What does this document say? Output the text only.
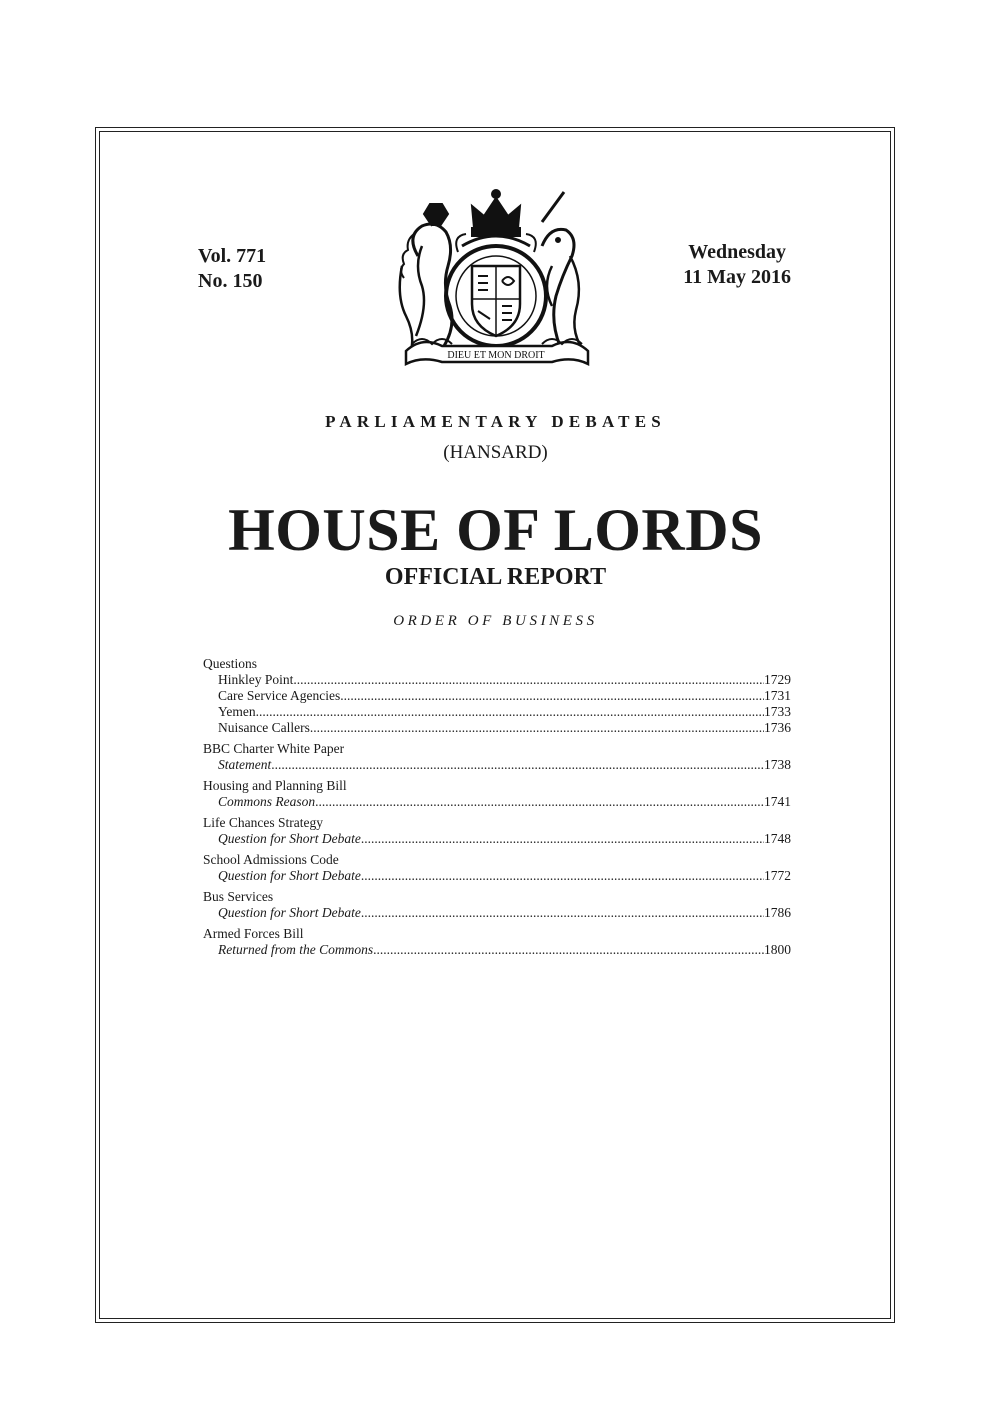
Vol. 771
No. 150
Wednesday
11 May 2016
DIEU ET MON DROIT
PARLIAMENTARY DEBATES
(HANSARD)
HOUSE OF LORDS
OFFICIAL REPORT
ORDER OF BUSINESS
Questions
Hinkley Point .....	1729
Care Service Agencies .....	1731
Yemen .....	1733
Nuisance Callers .....	1736
BBC Charter White Paper
Statement .....	1738
Housing and Planning Bill
Commons Reason .....	1741
Life Chances Strategy
Question for Short Debate .....	1748
School Admissions Code
Question for Short Debate .....	1772
Bus Services
Question for Short Debate .....	1786
Armed Forces Bill
Returned from the Commons .....	1800
